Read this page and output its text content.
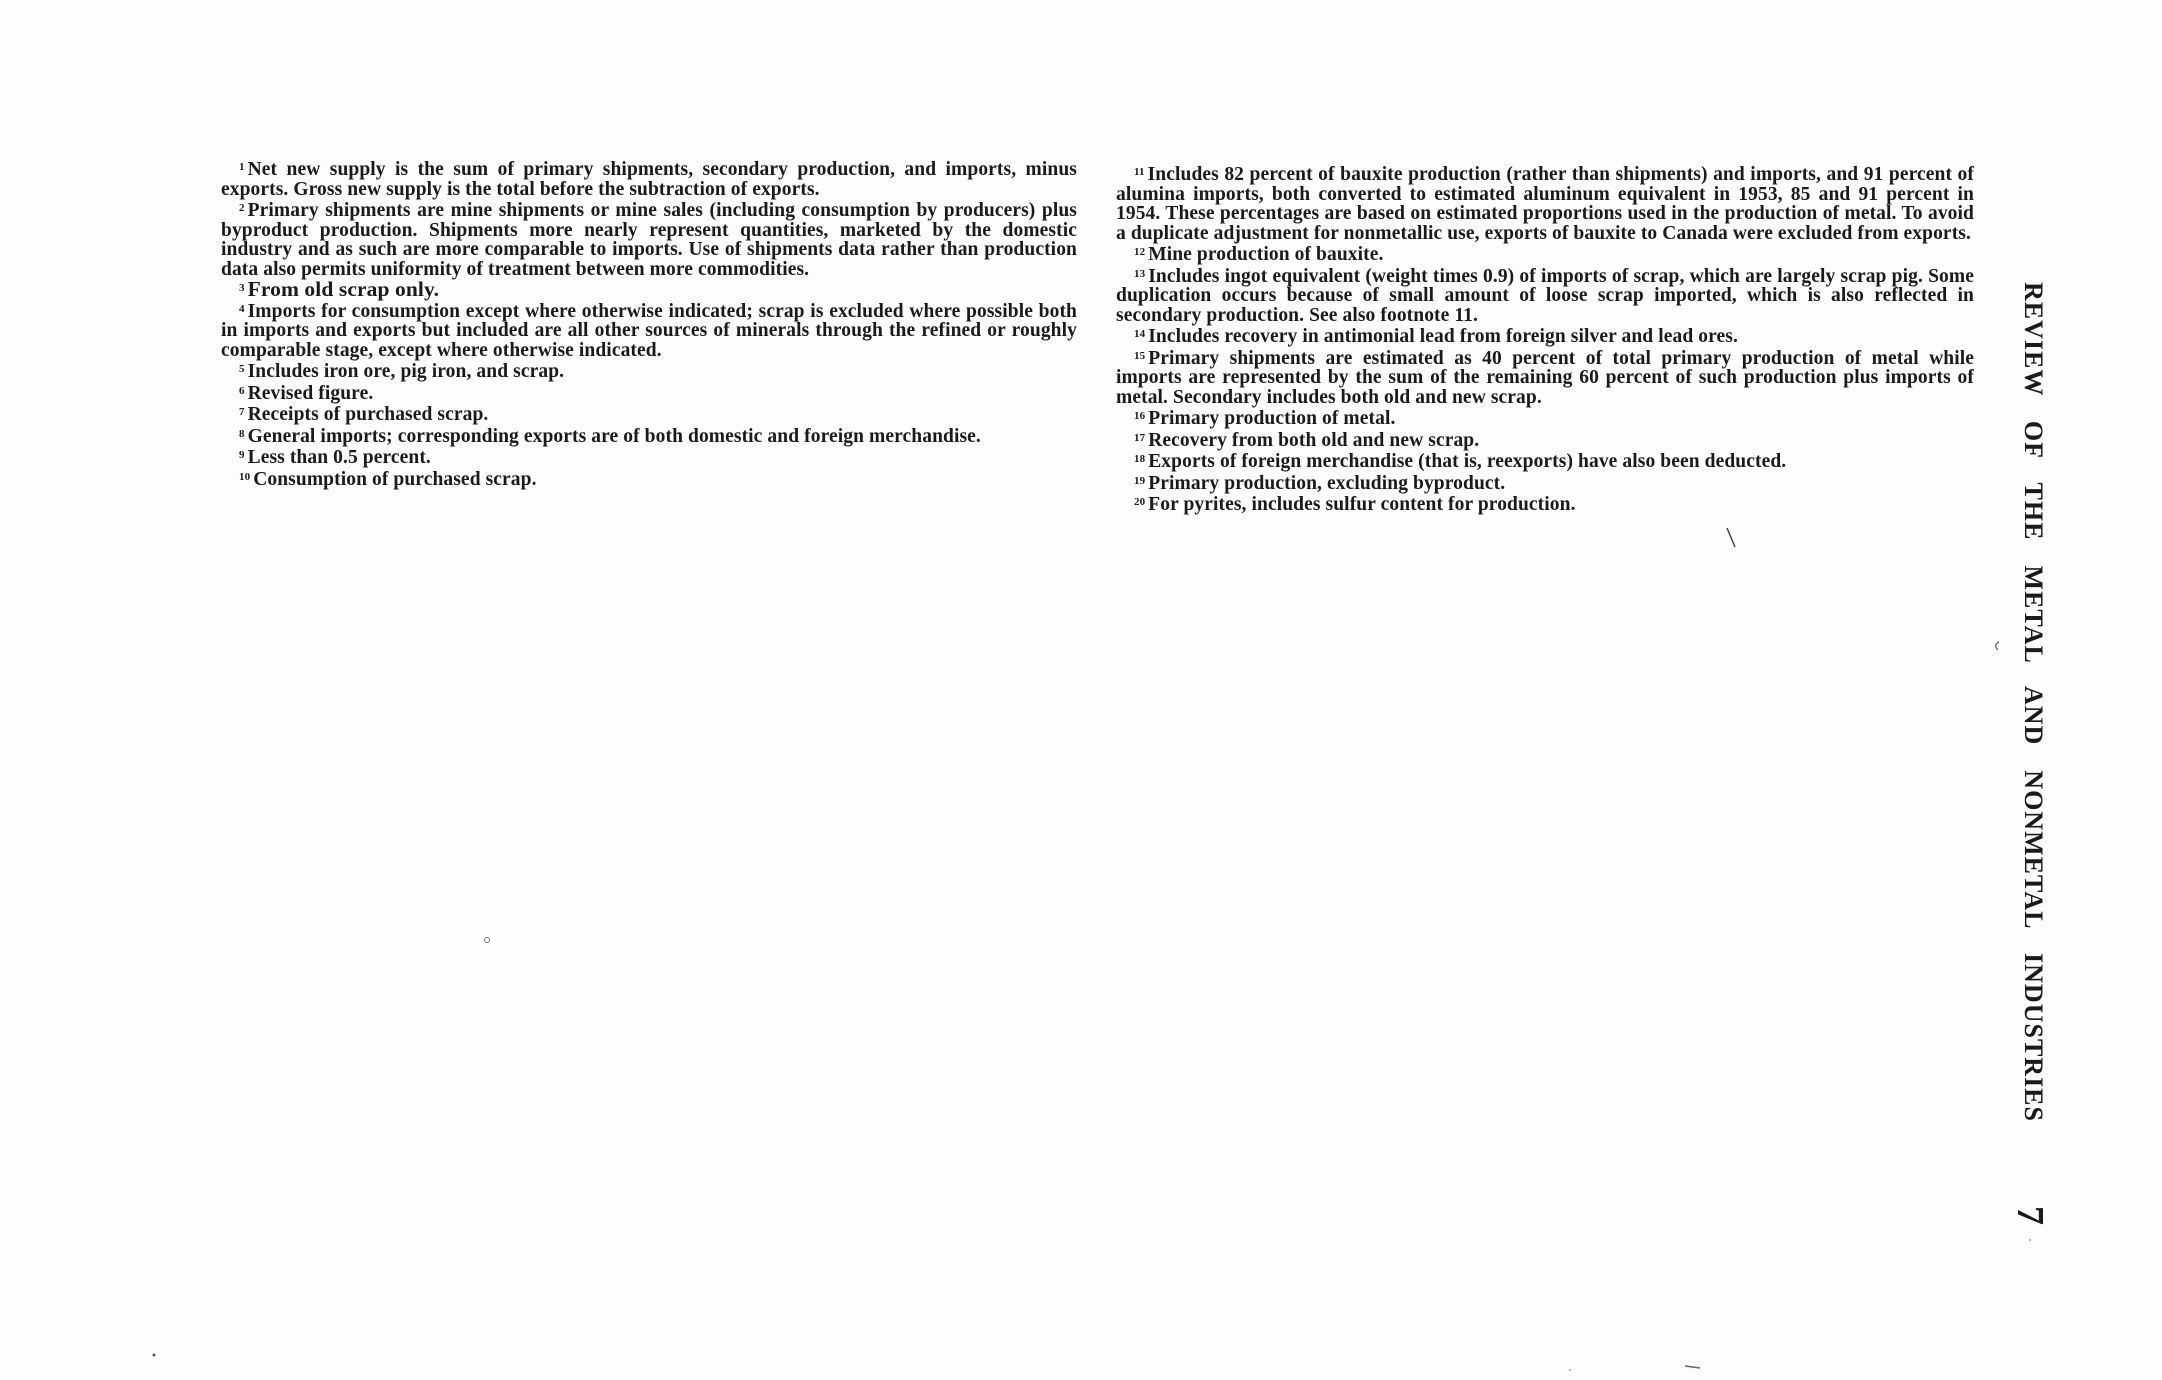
$^1$ Net new supply is the sum of primary shipments, secondary production, and imports, minus exports. Gross new supply is the total before the subtraction of exports.

$^2$ Primary shipments are mine shipments or mine sales (including consumption by producers) plus byproduct production. Shipments more nearly represent quantities, marketed by the domestic industry and as such are more comparable to imports. Use of shipments data rather than production data also permits uniformity of treatment between more commodities.

$^3$ From old scrap only.

$^4$ Imports for consumption except where otherwise indicated; scrap is excluded where possible both in imports and exports but included are all other sources of minerals through the refined or roughly comparable stage, except where otherwise indicated.

$^5$ Includes iron ore, pig iron, and scrap.

$^6$ Revised figure.

$^7$ Receipts of purchased scrap.

$^8$ General imports; corresponding exports are of both domestic and foreign merchandise.

$^9$ Less than 0.5 percent.

$^{10}$ Consumption of purchased scrap.

$^{11}$ Includes 82 percent of bauxite production (rather than shipments) and imports, and 91 percent of alumina imports, both converted to estimated aluminum equivalent in 1953, 85 and 91 percent in 1954. These percentages are based on estimated proportions used in the production of metal. To avoid a duplicate adjustment for nonmetallic use, exports of bauxite to Canada were excluded from exports.

$^{12}$ Mine production of bauxite.

$^{13}$ Includes ingot equivalent (weight times 0.9) of imports of scrap, which are largely scrap pig. Some duplication occurs because of small amount of loose scrap imported, which is also reflected in secondary production. See also footnote 11.

$^{14}$ Includes recovery in antimonial lead from foreign silver and lead ores.

$^{15}$ Primary shipments are estimated as 40 percent of total primary production of metal while imports are represented by the sum of the remaining 60 percent of such production plus imports of metal. Secondary includes both old and new scrap.

$^{16}$ Primary production of metal.

$^{17}$ Recovery from both old and new scrap.

$^{18}$ Exports of foreign merchandise (that is, reexports) have also been deducted.

$^{19}$ Primary production, excluding byproduct.

$^{20}$ For pyrites, includes sulfur content for production.	REVIEW OF THE METAL AND NONMETAL INDUSTRIES
7
